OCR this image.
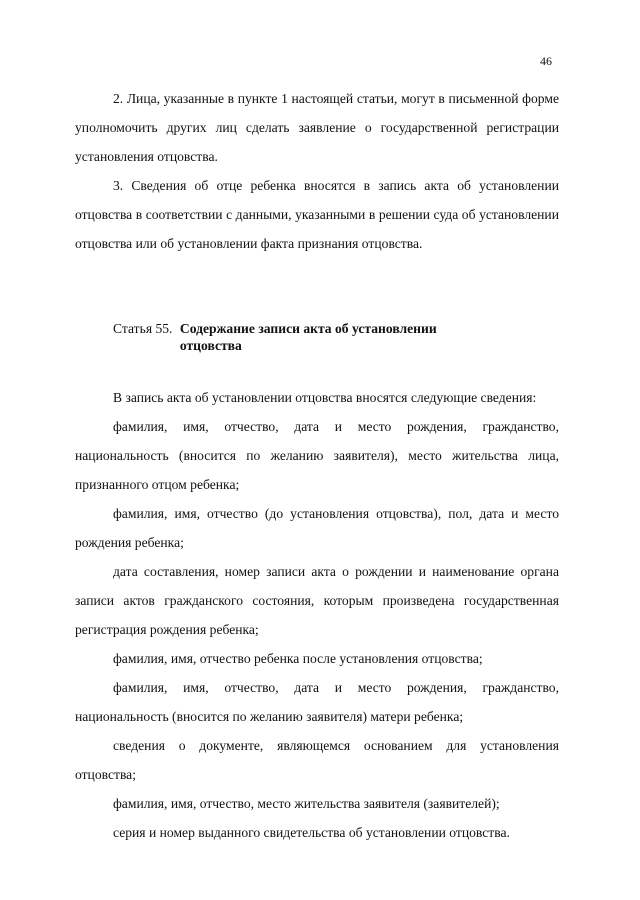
46

2. Лица, указанные в пункте 1 настоящей статьи, могут в письменной форме уполномочить других лиц сделать заявление о государственной регистрации установления отцовства.

3. Сведения об отце ребенка вносятся в запись акта об установлении отцовства в соответствии с данными, указанными в решении суда об установлении отцовства или об установлении факта признания отцовства.

Статья 55. Содержание записи акта об установлении отцовства

В запись акта об установлении отцовства вносятся следующие сведения:

фамилия, имя, отчество, дата и место рождения, гражданство, национальность (вносится по желанию заявителя), место жительства лица, признанного отцом ребенка;

фамилия, имя, отчество (до установления отцовства), пол, дата и место рождения ребенка;

дата составления, номер записи акта о рождении и наименование органа записи актов гражданского состояния, которым произведена государственная регистрация рождения ребенка;

фамилия, имя, отчество ребенка после установления отцовства;

фамилия, имя, отчество, дата и место рождения, гражданство, национальность (вносится по желанию заявителя) матери ребенка;

сведения о документе, являющемся основанием для установления отцовства;

фамилия, имя, отчество, место жительства заявителя (заявителей);

серия и номер выданного свидетельства об установлении отцовства.
